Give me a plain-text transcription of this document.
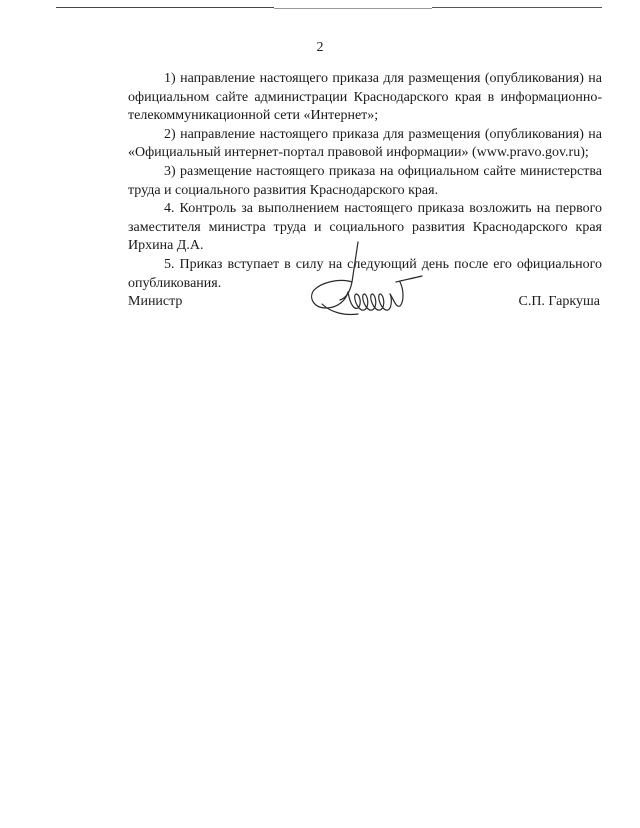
2

1) направление настоящего приказа для размещения (опубликования) на официальном сайте администрации Краснодарского края в информационно-телекоммуникационной сети «Интернет»;

2) направление настоящего приказа для размещения (опубликования) на «Официальный интернет-портал правовой информации» (www.pravo.gov.ru);

3) размещение настоящего приказа на официальном сайте министерства труда и социального развития Краснодарского края.

4. Контроль за выполнением настоящего приказа возложить на первого заместителя министра труда и социального развития Краснодарского края Ирхина Д.А.

5. Приказ вступает в силу на следующий день после его официального опубликования.

Министр	С.П. Гаркуша
